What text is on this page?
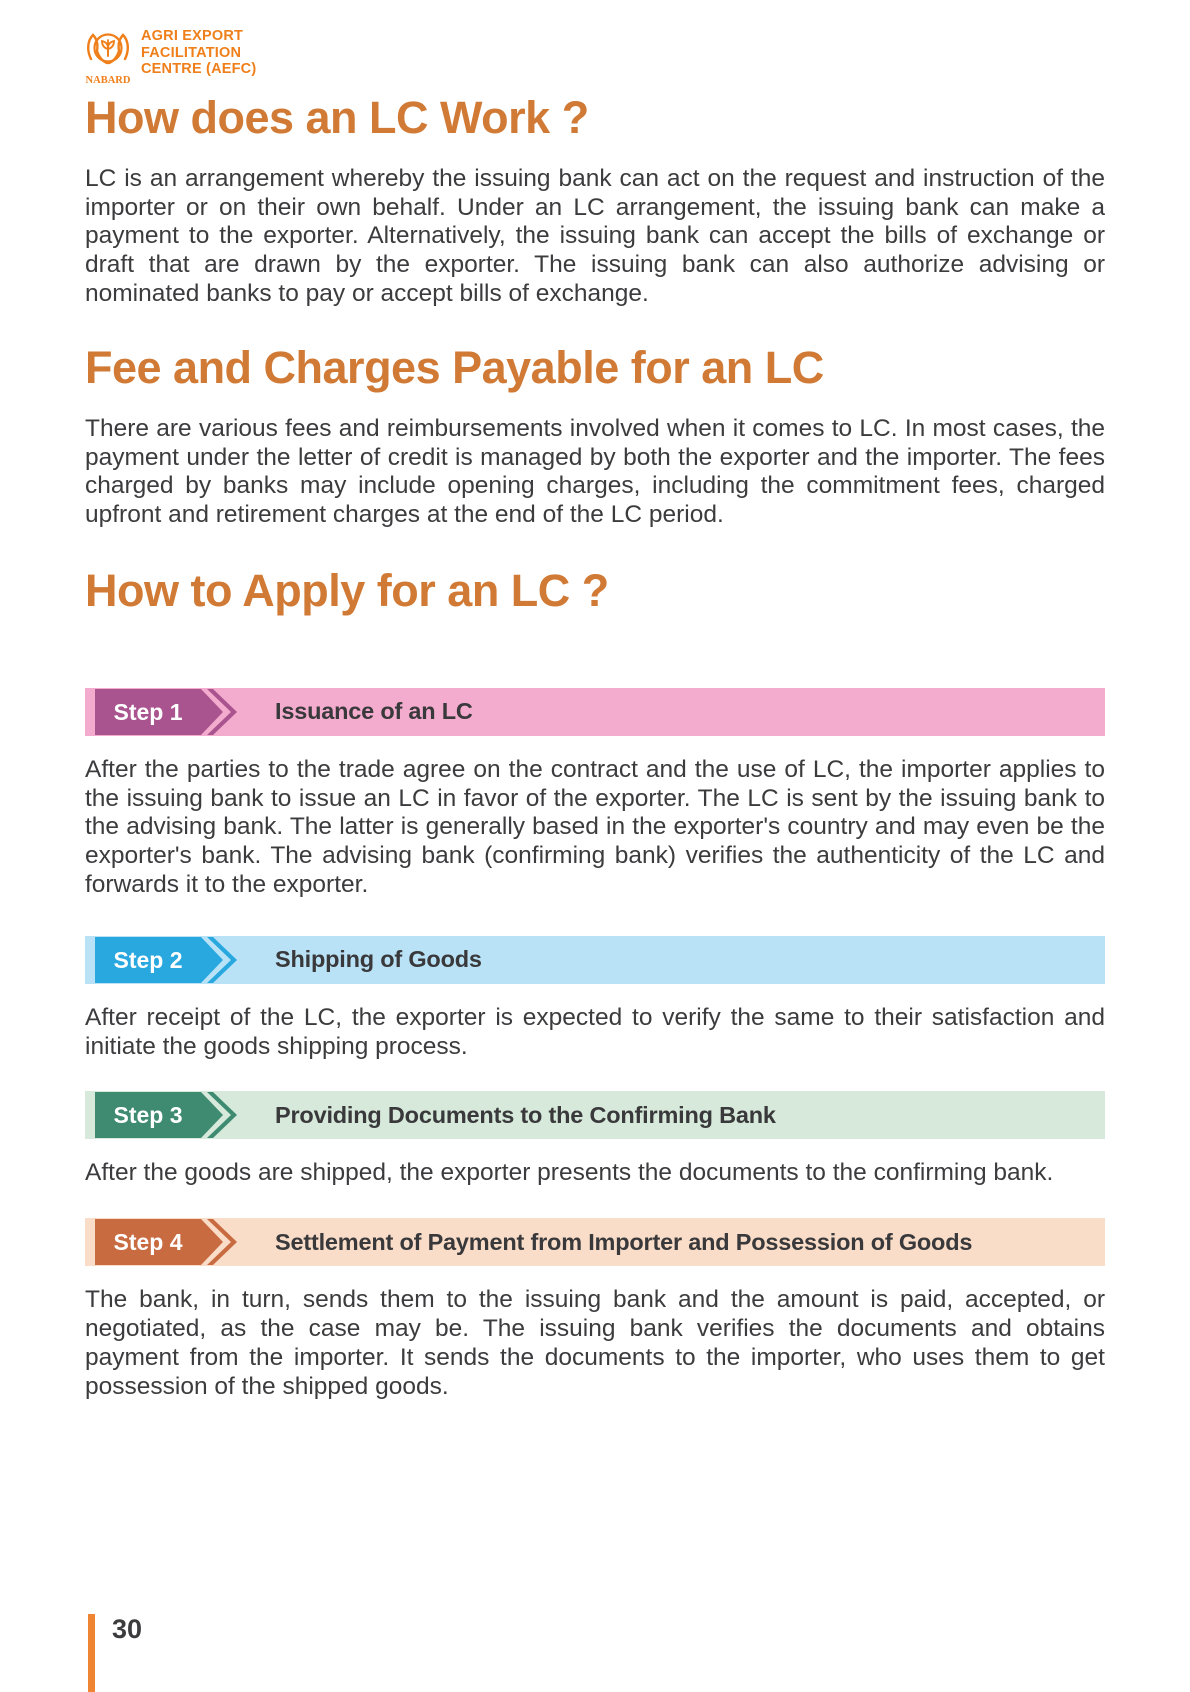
NABARD
AGRI EXPORT
FACILITATION
CENTRE (AEFC)
How does an LC Work ?

LC is an arrangement whereby the issuing bank can act on the request and instruction of the importer or on their own behalf. Under an LC arrangement, the issuing bank can make a payment to the exporter. Alternatively, the issuing bank can accept the bills of exchange or draft that are drawn by the exporter. The issuing bank can also authorize advising or nominated banks to pay or accept bills of exchange.

Fee and Charges Payable for an LC

There are various fees and reimbursements involved when it comes to LC. In most cases, the payment under the letter of credit is managed by both the exporter and the importer. The fees charged by banks may include opening charges, including the commitment fees, charged upfront and retirement charges at the end of the LC period.

How to Apply for an LC ?
Step 1	Issuance of an LC

After the parties to the trade agree on the contract and the use of LC, the importer applies to the issuing bank to issue an LC in favor of the exporter. The LC is sent by the issuing bank to the advising bank. The latter is generally based in the exporter's country and may even be the exporter's bank. The advising bank (confirming bank) verifies the authenticity of the LC and forwards it to the exporter.

Step 2	Shipping of Goods

After receipt of the LC, the exporter is expected to verify the same to their satisfaction and initiate the goods shipping process.

Step 3	Providing Documents to the Confirming Bank

After the goods are shipped, the exporter presents the documents to the confirming bank.

Step 4	Settlement of Payment from Importer and Possession of Goods

The bank, in turn, sends them to the issuing bank and the amount is paid, accepted, or negotiated, as the case may be. The issuing bank verifies the documents and obtains payment from the importer. It sends the documents to the importer, who uses them to get possession of the shipped goods.

30
